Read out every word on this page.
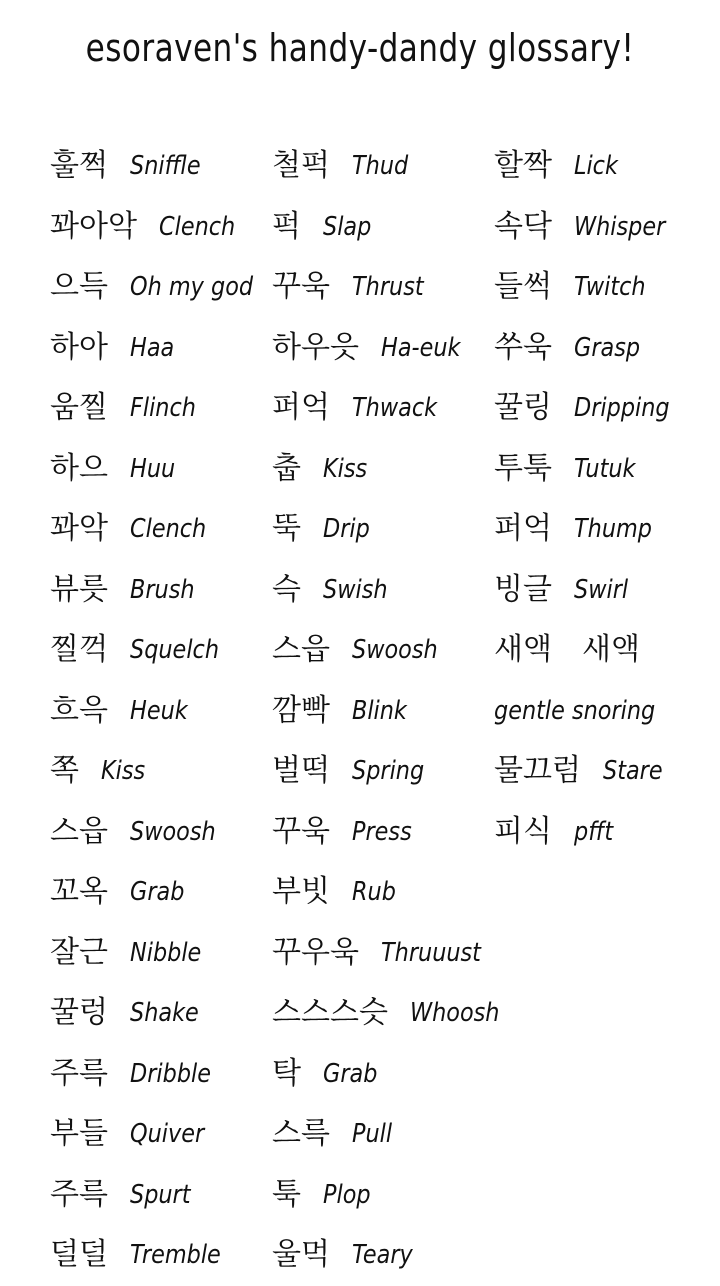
esoraven's handy-dandy glossary!
훌쩍 Sniffle
꽈아악 Clench
으득 Oh my god
하아 Haa
움찔 Flinch
하으 Huu
꽈악 Clench
뷰릇 Brush
찔꺽 Squelch
흐윽 Heuk
쪽 Kiss
스읍 Swoosh
꼬옥 Grab
잘근 Nibble
꿀렁 Shake
주륵 Dribble
부들 Quiver
주륵 Spurt
덜덜 Tremble
철퍽 Thud
퍽 Slap
꾸욱 Thrust
하우읏 Ha-euk
퍼억 Thwack
춥 Kiss
뚝 Drip
슥 Swish
스읍 Swoosh
깜빡 Blink
벌떡 Spring
꾸욱 Press
부빗 Rub
꾸우욱 Thruuust
스스스슷 Whoosh
탁 Grab
스륵 Pull
툭 Plop
울먹 Teary
할짝 Lick
속닥 Whisper
들썩 Twitch
쑤욱 Grasp
꿀링 Dripping
투툭 Tutuk
퍼억 Thump
빙글 Swirl
새액 새액
gentle snoring
물끄럼 Stare
피식 pfft
